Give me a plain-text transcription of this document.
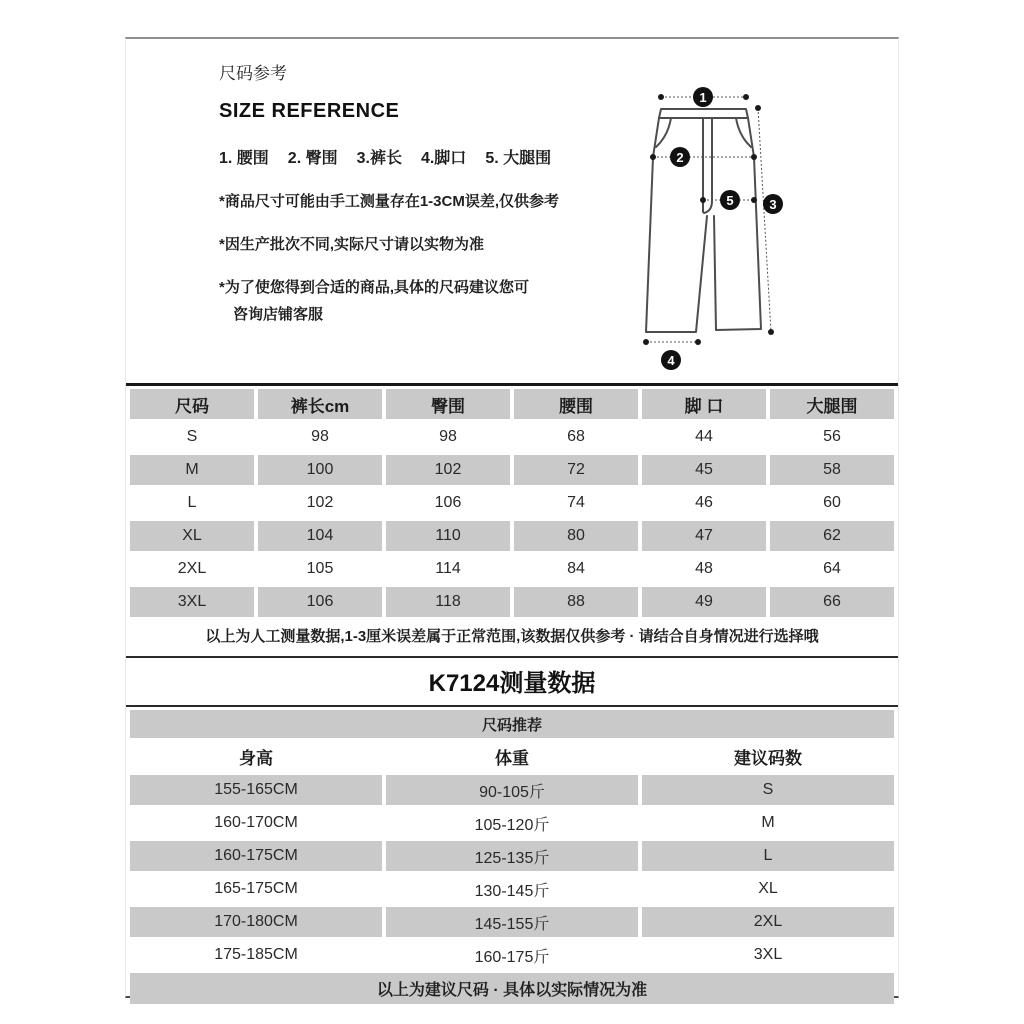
尺码参考
SIZE REFERENCE
1. 腰围 2. 臀围 3.裤长 4.脚口 5. 大腿围
*商品尺寸可能由手工测量存在1-3CM误差,仅供参考
*因生产批次不同,实际尺寸请以实物为准
*为了使您得到合适的商品,具体的尺码建议您可
咨询店铺客服
1
2
5	3
4
尺码	裤长cm	臀围	腰围	脚 口	大腿围
S	98	98	68	44	56
M	100	102	72	45	58
L	102	106	74	46	60
XL	104	110	80	47	62
2XL	105	114	84	48	64
3XL	106	118	88	49	66
以上为人工测量数据,1-3厘米误差属于正常范围,该数据仅供参考 · 请结合自身情况进行选择哦					
K7124测量数据
尺码推荐		
身高	体重	建议码数
155-165CM	90-105斤	S
160-170CM	105-120斤	M
160-175CM	125-135斤	L
165-175CM	130-145斤	XL
170-180CM	145-155斤	2XL
175-185CM	160-175斤	3XL
以上为建议尺码 · 具体以实际情况为准		
